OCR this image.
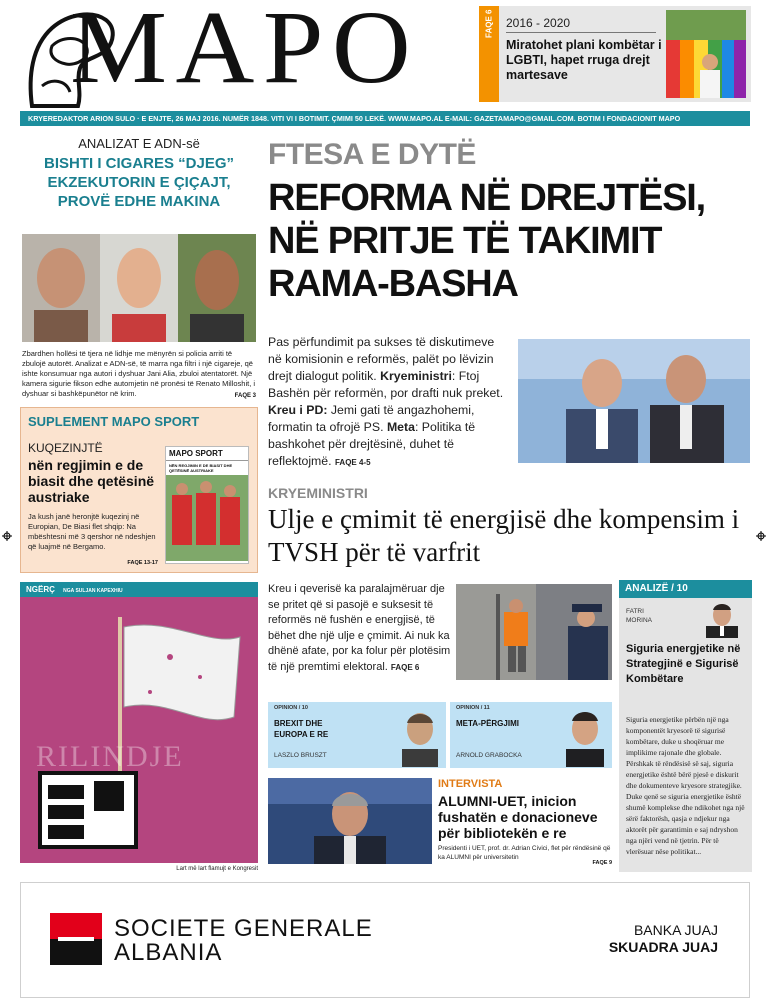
MAPO	FAQE 6	2016 - 2020
Miratohet plani kombëtar i LGBTI, hapet rruga drejt martesave
KRYEREDAKTOR ARION SULO · E ENJTE, 26 MAJ 2016. NUMËR 1848. VITI VI I BOTIMIT. ÇMIMI 50 LEKË. WWW.MAPO.AL E-MAIL: GAZETAMAPO@GMAIL.COM. BOTIM I FONDACIONIT MAPO
ANALIZAT E ADN-së
BISHTI I CIGARES “DJEG” EKZEKUTORIN E ÇIÇAJT, PROVË EDHE MAKINA
Zbardhen hollësi të tjera në lidhje me mënyrën si policia arriti të zbulojë autorët. Analizat e ADN-së, të marra nga filtri i një cigareje, që ishte konsumuar nga autori i dyshuar Jani Alia, zbuloi atentatorët. Një kamera sigurie fikson edhe automjetin në pronësi të Renato Milloshit, i dyshuar si bashkëpunëtor në krim.	FAQE 3
SUPLEMENT MAPO SPORT
KUQEZINJTË
nën regjimin e de biasit dhe qetësinë austriake
Ja kush janë heronjtë kuqezinj në Europian, De Biasi flet shqip: Na mbështesni më 3 qershor në ndeshjen që luajmë në Bergamo.
FAQE 13-17
MAPO SPORT
NËN REGJIMIN E DE BIASIT DHE QETËSINË AUSTRIAKE
NGËRÇ NGA SULJAN KAPEXHIU
RILINDJE
Lart më lart flamujt e Kongresit
FTESA E DYTË
REFORMA NË DREJTËSI, NË PRITJE TË TAKIMIT RAMA-BASHA
Pas përfundimit pa sukses të diskutimeve në komisionin e reformës, palët po lëvizin drejt dialogut politik. Kryeministri: Ftoj Bashën për reformën, por drafti nuk preket. Kreu i PD: Jemi gati të angazhohemi, formatin ta ofrojë PS. Meta: Politika të bashkohet për drejtësinë, duhet të reflektojmë. FAQE 4-5
KRYEMINISTRI
Ulje e çmimit të energjisë dhe kompensim i TVSH për të varfrit
Kreu i qeverisë ka paralajmëruar dje se pritet që si pasojë e suksesit të reformës në fushën e energjisë, të bëhet dhe një ulje e çmimit. Ai nuk ka dhënë afate, por ka folur për plotësim të një premtimi elektoral. FAQE 6
OPINION / 10
BREXIT DHE EUROPA E RE
LASZLO BRUSZT
OPINION / 11
META-PËRGJIMI
ARNOLD GRABOCKA
INTERVISTA
ALUMNI-UET, inicion fushatën e donacioneve për bibliotekën e re
Presidenti i UET, prof. dr. Adrian Civici, flet për rëndësinë që ka ALUMNI për universitetin
FAQE 9
ANALIZË / 10
FATRI
MORINA
Siguria energjetike në Strategjinë e Sigurisë Kombëtare
Siguria energjetike përbën një nga komponentët kryesorë të sigurisë kombëtare, duke u shoqëruar me implikime rajonale dhe globale. Përshkak të rëndësisë së saj, siguria energjetike është bërë pjesë e diskurit dhe dokumenteve kryesore strategjike. Duke qenë se siguria energjetike është shumë komplekse dhe ndikohet nga një sërë faktorësh, qasja e ndjekur nga aktorët për garantimin e saj ndryshon nga njëri vend në tjetrin. Për të vlerësuar nëse politikat...
SOCIETE GENERALE
ALBANIA
BANKA JUAJ
SKUADRA JUAJ
